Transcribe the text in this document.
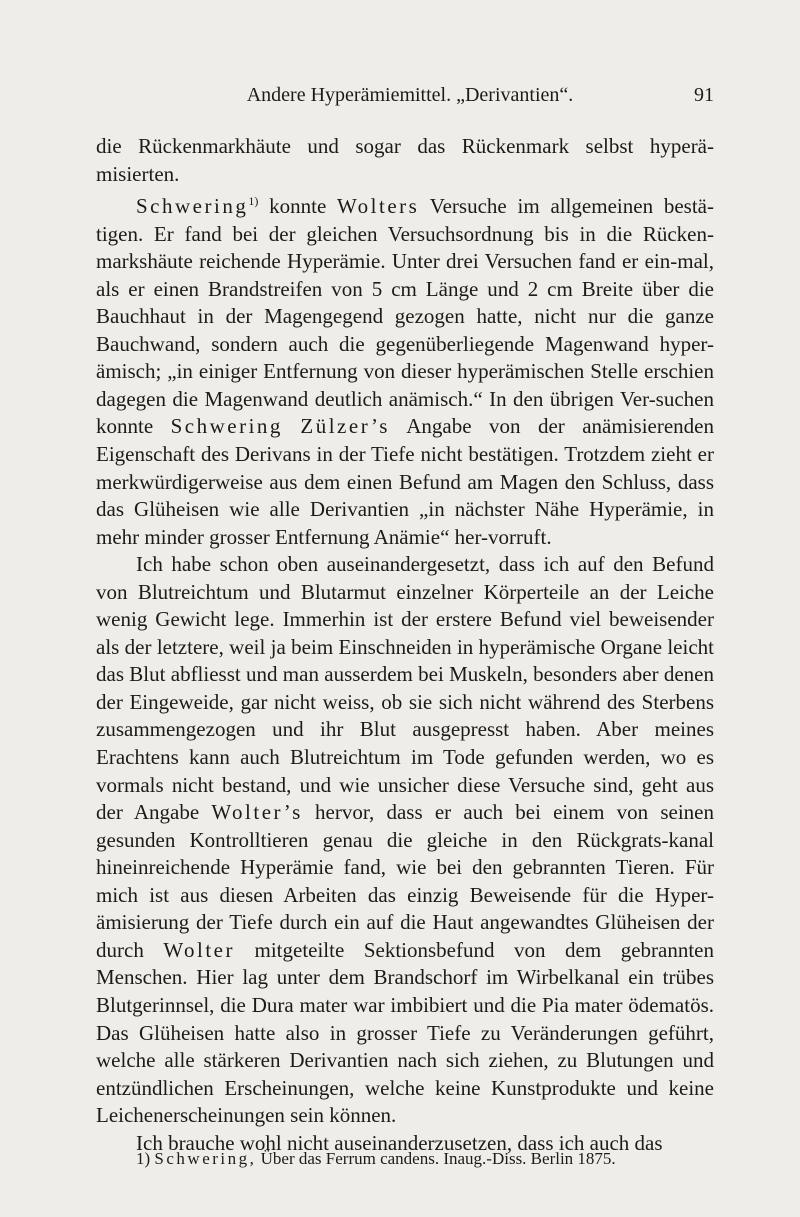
Andere Hyperämiemittel. „Derivantien“.	91

die Rückenmarkhäute und sogar das Rückenmark selbst hyperä-misierten.

Schwering$^{1)}$ konnte Wolters Versuche im allgemeinen bestä-tigen. Er fand bei der gleichen Versuchsordnung bis in die Rücken-markshäute reichende Hyperämie. Unter drei Versuchen fand er ein-mal, als er einen Brandstreifen von 5 cm Länge und 2 cm Breite über die Bauchhaut in der Magengegend gezogen hatte, nicht nur die ganze Bauchwand, sondern auch die gegenüberliegende Magenwand hyper-ämisch; „in einiger Entfernung von dieser hyperämischen Stelle erschien dagegen die Magenwand deutlich anämisch.“ In den übrigen Ver-suchen konnte Schwering Zülzer’s Angabe von der anämisierenden Eigenschaft des Derivans in der Tiefe nicht bestätigen. Trotzdem zieht er merkwürdigerweise aus dem einen Befund am Magen den Schluss, dass das Glüheisen wie alle Derivantien „in nächster Nähe Hyperämie, in mehr minder grosser Entfernung Anämie“ her-vorruft.

Ich habe schon oben auseinandergesetzt, dass ich auf den Befund von Blutreichtum und Blutarmut einzelner Körperteile an der Leiche wenig Gewicht lege. Immerhin ist der erstere Befund viel beweisender als der letztere, weil ja beim Einschneiden in hyperämische Organe leicht das Blut abfliesst und man ausserdem bei Muskeln, besonders aber denen der Eingeweide, gar nicht weiss, ob sie sich nicht während des Sterbens zusammengezogen und ihr Blut ausgepresst haben. Aber meines Erachtens kann auch Blutreichtum im Tode gefunden werden, wo es vormals nicht bestand, und wie unsicher diese Versuche sind, geht aus der Angabe Wolter’s hervor, dass er auch bei einem von seinen gesunden Kontrolltieren genau die gleiche in den Rückgrats-kanal hineinreichende Hyperämie fand, wie bei den gebrannten Tieren. Für mich ist aus diesen Arbeiten das einzig Beweisende für die Hyper-ämisierung der Tiefe durch ein auf die Haut angewandtes Glüheisen der durch Wolter mitgeteilte Sektionsbefund von dem gebrannten Menschen. Hier lag unter dem Brandschorf im Wirbelkanal ein trübes Blutgerinnsel, die Dura mater war imbibiert und die Pia mater ödematös. Das Glüheisen hatte also in grosser Tiefe zu Veränderungen geführt, welche alle stärkeren Derivantien nach sich ziehen, zu Blutungen und entzündlichen Erscheinungen, welche keine Kunstprodukte und keine Leichenerscheinungen sein können.

Ich brauche wohl nicht auseinanderzusetzen, dass ich auch das

1) Schwering, Über das Ferrum candens. Inaug.-Diss. Berlin 1875.
